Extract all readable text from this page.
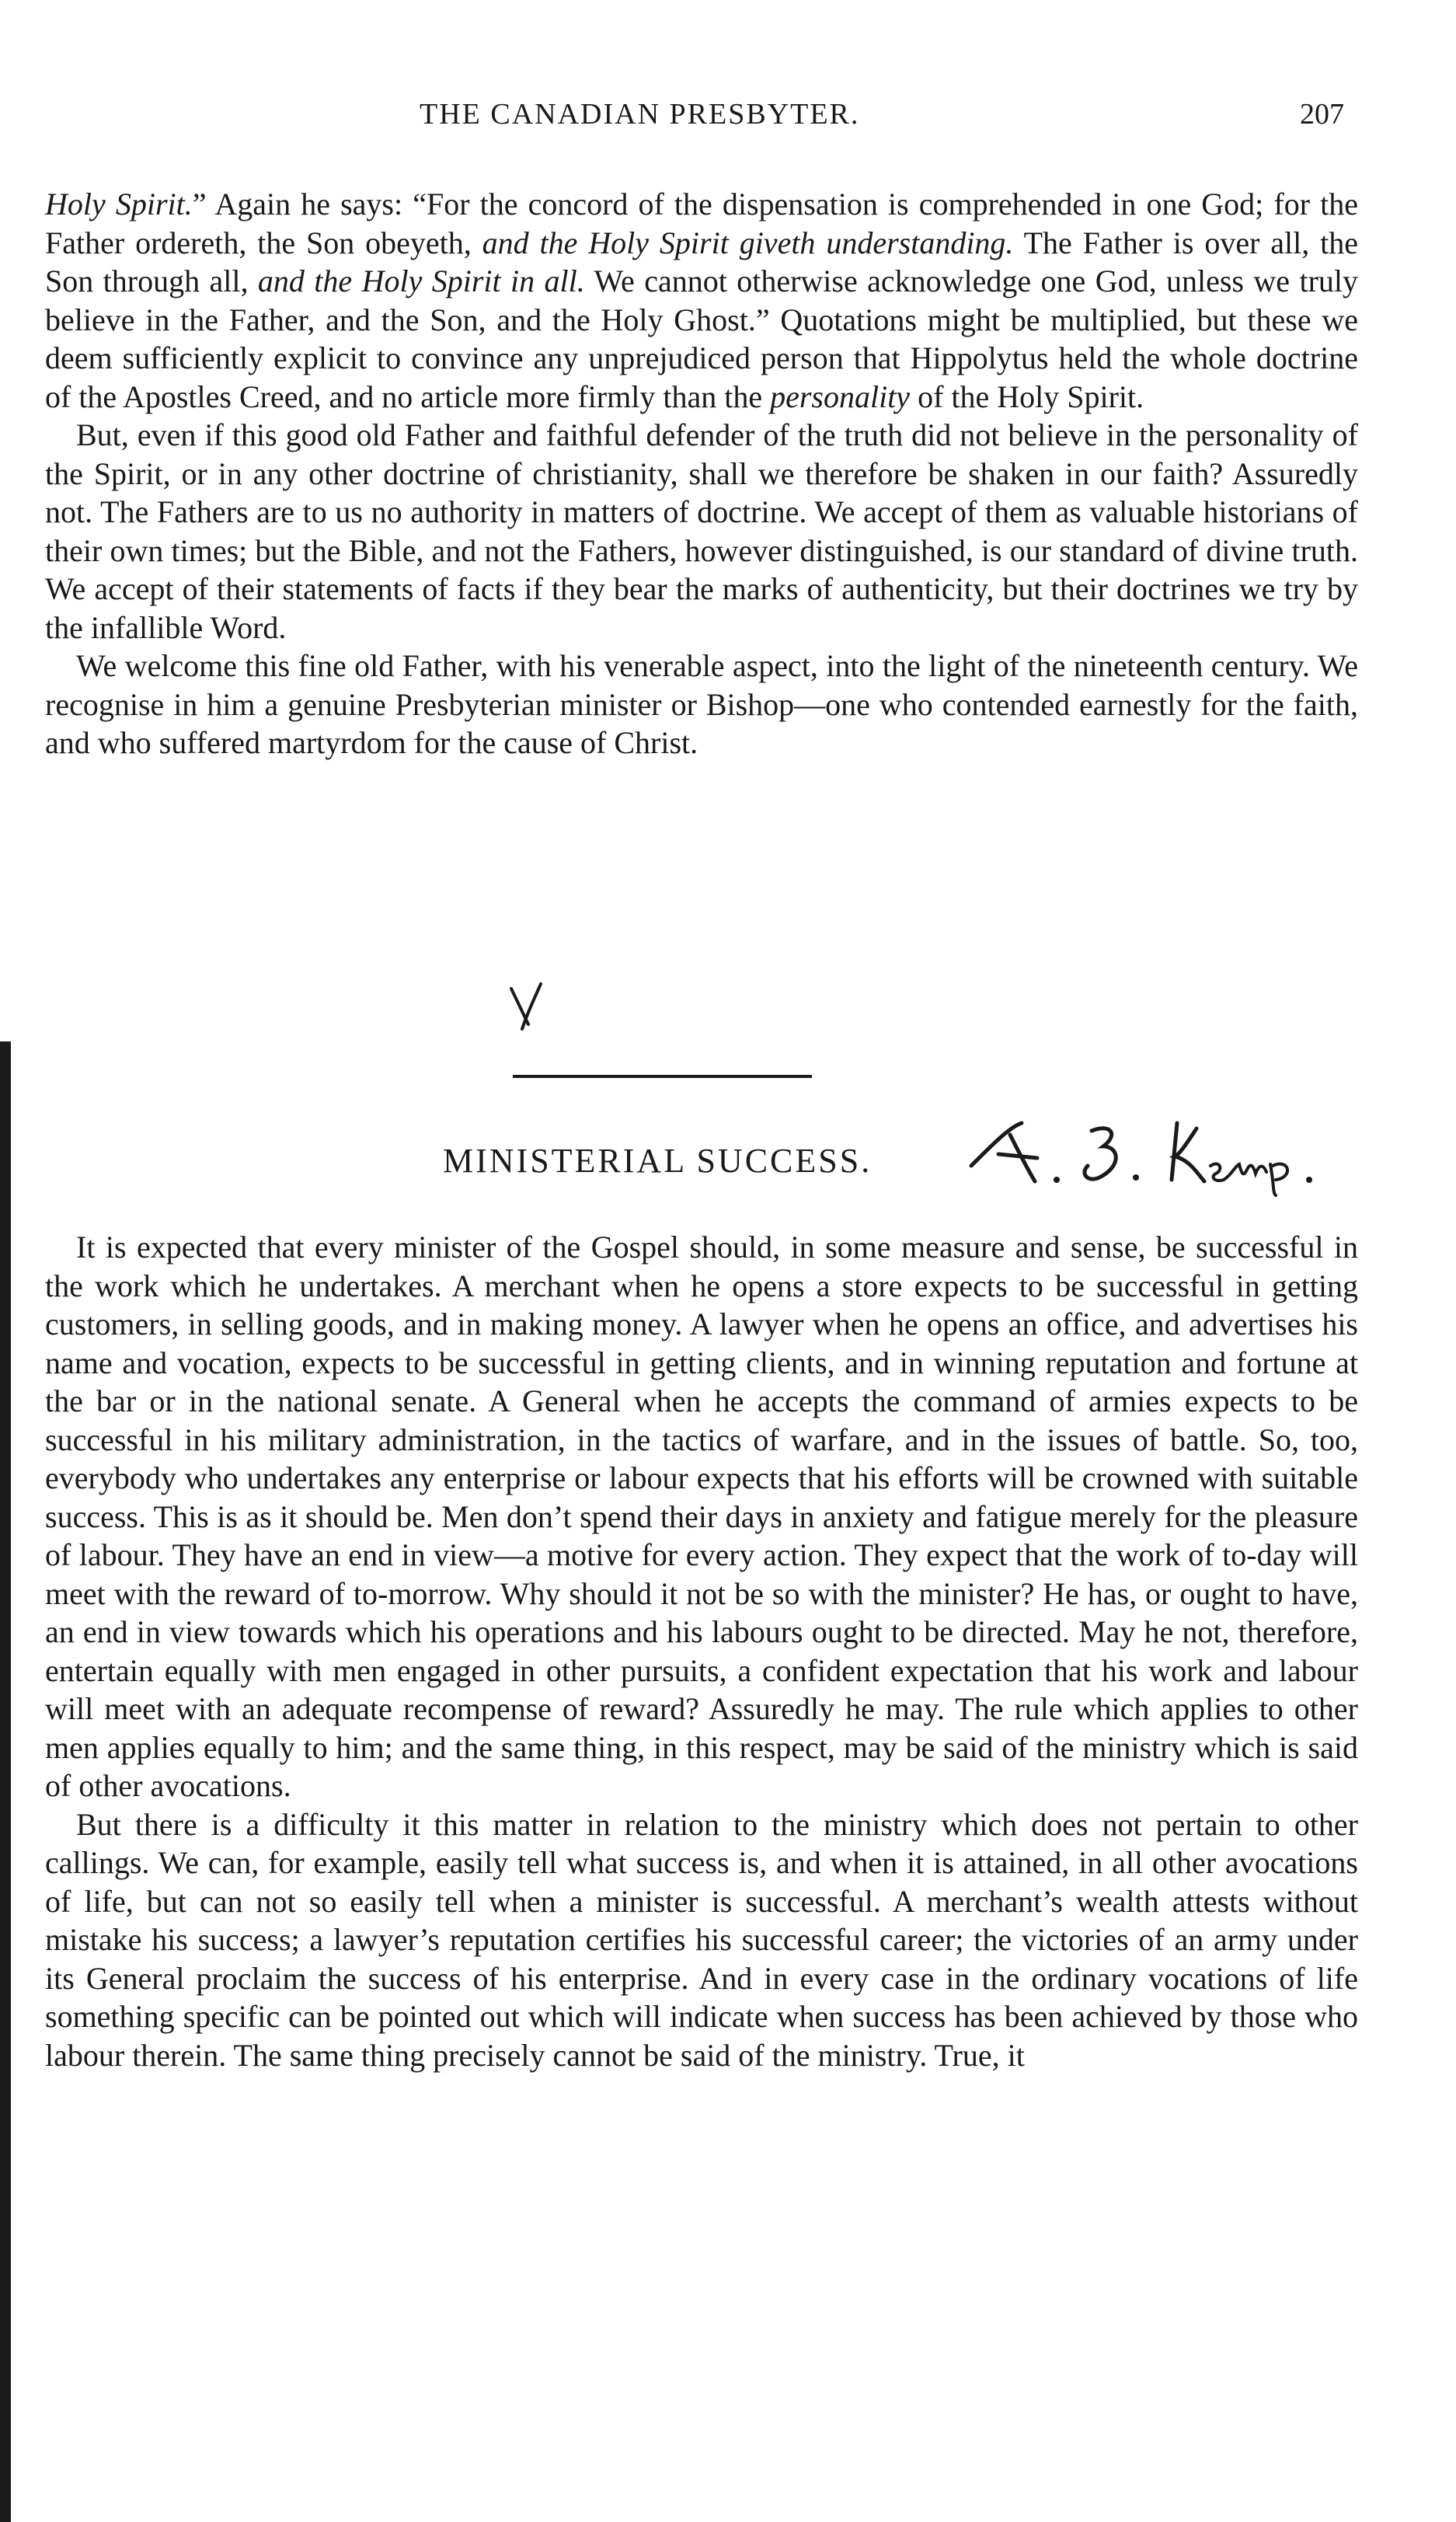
THE CANADIAN PRESBYTER.	207

Holy Spirit.” Again he says: “For the concord of the dispensation is comprehended in one God; for the Father ordereth, the Son obeyeth, and the Holy Spirit giveth understanding. The Father is over all, the Son through all, and the Holy Spirit in all. We cannot otherwise acknowledge one God, unless we truly believe in the Father, and the Son, and the Holy Ghost.” Quotations might be multiplied, but these we deem sufficiently explicit to convince any unprejudiced person that Hippolytus held the whole doctrine of the Apostles Creed, and no article more firmly than the personality of the Holy Spirit.

But, even if this good old Father and faithful defender of the truth did not believe in the personality of the Spirit, or in any other doctrine of christianity, shall we therefore be shaken in our faith? Assuredly not. The Fathers are to us no authority in matters of doctrine. We accept of them as valuable historians of their own times; but the Bible, and not the Fathers, however distinguished, is our standard of divine truth. We accept of their statements of facts if they bear the marks of authenticity, but their doctrines we try by the infallible Word.

We welcome this fine old Father, with his venerable aspect, into the light of the nineteenth century. We recognise in him a genuine Presbyterian minister or Bishop—one who contended earnestly for the faith, and who suffered martyrdom for the cause of Christ.

MINISTERIAL SUCCESS.

It is expected that every minister of the Gospel should, in some measure and sense, be successful in the work which he undertakes. A merchant when he opens a store expects to be successful in getting customers, in selling goods, and in making money. A lawyer when he opens an office, and advertises his name and vocation, expects to be successful in getting clients, and in winning reputation and fortune at the bar or in the national senate. A General when he accepts the command of armies expects to be successful in his military administration, in the tactics of warfare, and in the issues of battle. So, too, everybody who undertakes any enterprise or labour expects that his efforts will be crowned with suitable success. This is as it should be. Men don’t spend their days in anxiety and fatigue merely for the pleasure of labour. They have an end in view—a motive for every action. They expect that the work of to-day will meet with the reward of to-morrow. Why should it not be so with the minister? He has, or ought to have, an end in view towards which his operations and his labours ought to be directed. May he not, therefore, entertain equally with men engaged in other pursuits, a confident expectation that his work and labour will meet with an adequate recompense of reward? Assuredly he may. The rule which applies to other men applies equally to him; and the same thing, in this respect, may be said of the ministry which is said of other avocations.

But there is a difficulty it this matter in relation to the ministry which does not pertain to other callings. We can, for example, easily tell what success is, and when it is attained, in all other avocations of life, but can not so easily tell when a minister is successful. A merchant’s wealth attests without mistake his success; a lawyer’s reputation certifies his successful career; the victories of an army under its General proclaim the success of his enterprise. And in every case in the ordinary vocations of life something specific can be pointed out which will indicate when success has been achieved by those who labour therein. The same thing precisely cannot be said of the ministry. True, it
